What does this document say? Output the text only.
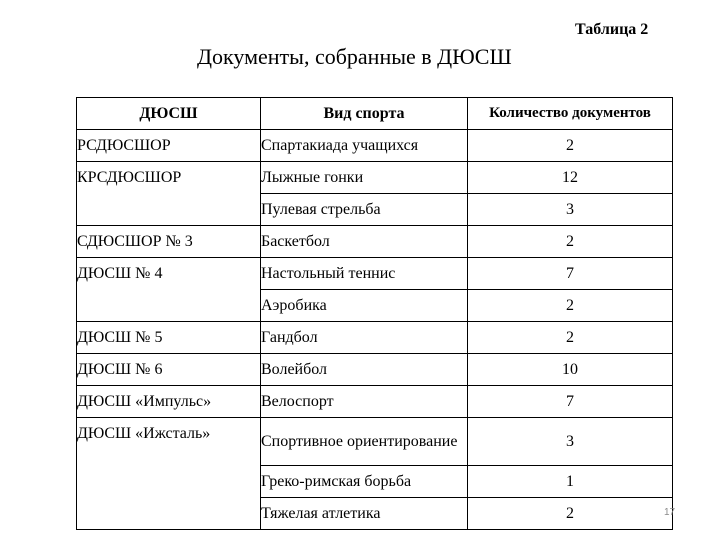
Таблица 2
Документы, собранные в ДЮСШ
ДЮСШ	Вид спорта	Количество документов
РСДЮСШОР	Спартакиада учащихся	2
КРСДЮСШОР	Лыжные гонки	12
	Пулевая стрельба	3
СДЮСШОР № 3	Баскетбол	2
ДЮСШ № 4	Настольный теннис	7
	Аэробика	2
ДЮСШ № 5	Гандбол	2
ДЮСШ № 6	Волейбол	10
ДЮСШ «Импульс»	Велоспорт	7
ДЮСШ «Ижсталь»	Спортивное ориентирование	3
	Греко-римская борьба	1
	Тяжелая атлетика	2	17
